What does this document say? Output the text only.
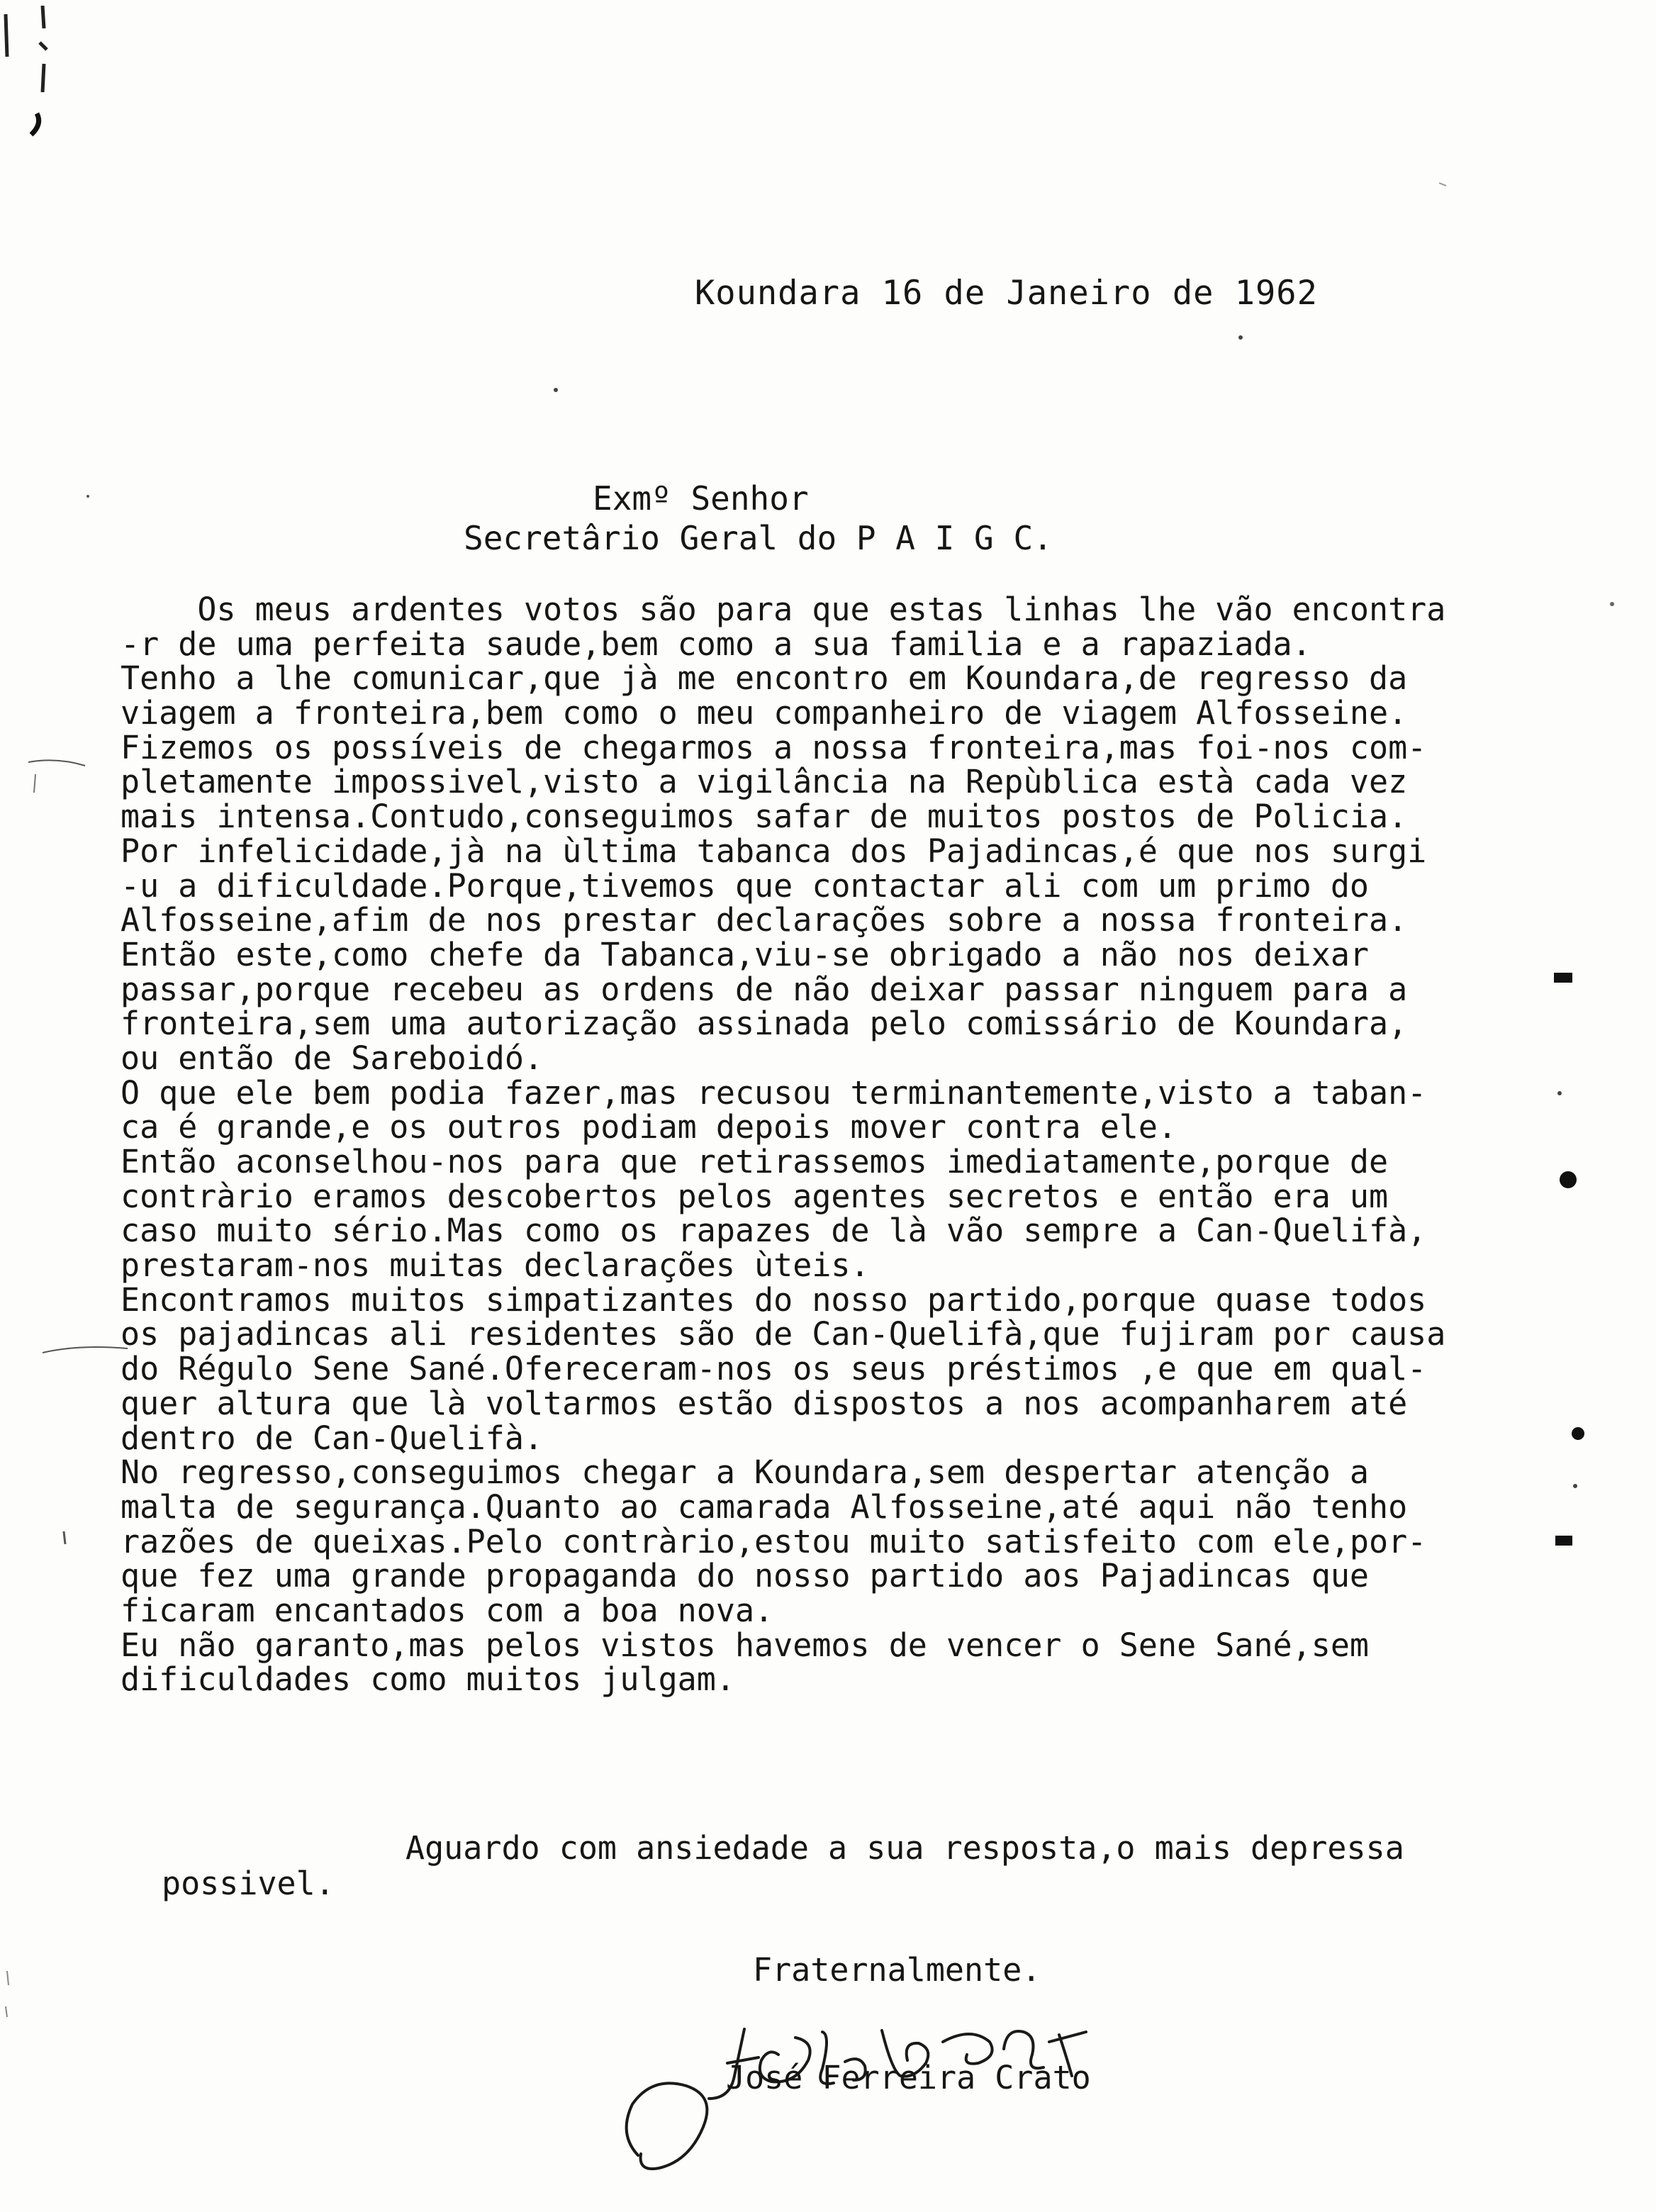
Koundara 16 de Janeiro de 1962
Exmº Senhor
Secretârio Geral do P A I G C.
Os meus ardentes votos são para que estas linhas lhe vão encontra
-r de uma perfeita saude,bem como a sua familia e a rapaziada.
Tenho a lhe comunicar,que jà me encontro em Koundara,de regresso da
viagem a fronteira,bem como o meu companheiro de viagem Alfosseine.
Fizemos os possíveis de chegarmos a nossa fronteira,mas foi-nos com-
pletamente impossivel,visto a vigilância na Repùblica està cada vez
mais intensa.Contudo,conseguimos safar de muitos postos de Policia.
Por infelicidade,jà na ùltima tabanca dos Pajadincas,é que nos surgi
-u a dificuldade.Porque,tivemos que contactar ali com um primo do
Alfosseine,afim de nos prestar declarações sobre a nossa fronteira.
Então este,como chefe da Tabanca,viu-se obrigado a não nos deixar
passar,porque recebeu as ordens de não deixar passar ninguem para a
fronteira,sem uma autorização assinada pelo comissário de Koundara,
ou então de Sareboidó.
O que ele bem podia fazer,mas recusou terminantemente,visto a taban-
ca é grande,e os outros podiam depois mover contra ele.
Então aconselhou-nos para que retirassemos imediatamente,porque de
contràrio eramos descobertos pelos agentes secretos e então era um
caso muito sério.Mas como os rapazes de là vão sempre a Can-Quelifà,
prestaram-nos muitas declarações ùteis.
Encontramos muitos simpatizantes do nosso partido,porque quase todos
os pajadincas ali residentes são de Can-Quelifà,que fujiram por causa
do Régulo Sene Sané.Ofereceram-nos os seus préstimos ,e que em qual-
quer altura que là voltarmos estão dispostos a nos acompanharem até
dentro de Can-Quelifà.
No regresso,conseguimos chegar a Koundara,sem despertar atenção a
malta de segurança.Quanto ao camarada Alfosseine,até aqui não tenho
razões de queixas.Pelo contràrio,estou muito satisfeito com ele,por-
que fez uma grande propaganda do nosso partido aos Pajadincas que
ficaram encantados com a boa nova.
Eu não garanto,mas pelos vistos havemos de vencer o Sene Sané,sem
dificuldades como muitos julgam.
Aguardo com ansiedade a sua resposta,o mais depressa
possivel.
Fraternalmente.
José Ferreira Crato
